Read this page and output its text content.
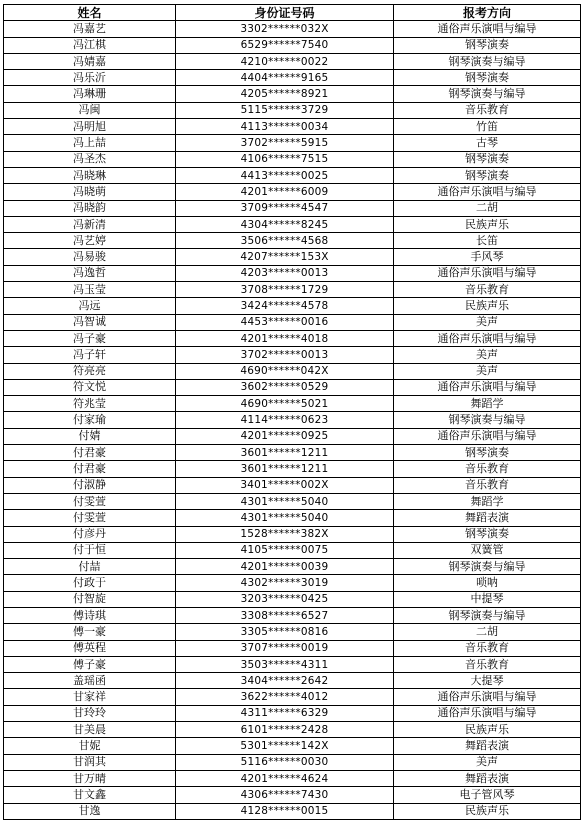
姓名	身份证号码	报考方向
冯嘉艺	3302******032X	通俗声乐演唱与编导
冯江棋	6529******7540	钢琴演奏
冯婧嘉	4210******0022	钢琴演奏与编导
冯乐沂	4404******9165	钢琴演奏
冯琳珊	4205******8921	钢琴演奏与编导
冯闽	5115******3729	音乐教育
冯明旭	4113******0034	竹笛
冯上喆	3702******5915	古琴
冯圣杰	4106******7515	钢琴演奏
冯晓琳	4413******0025	钢琴演奏
冯晓萌	4201******6009	通俗声乐演唱与编导
冯晓韵	3709******4547	二胡
冯新清	4304******8245	民族声乐
冯艺婷	3506******4568	长笛
冯易骏	4207******153X	手风琴
冯逸哲	4203******0013	通俗声乐演唱与编导
冯玉莹	3708******1729	音乐教育
冯远	3424******4578	民族声乐
冯智诚	4453******0016	美声
冯子豪	4201******4018	通俗声乐演唱与编导
冯子轩	3702******0013	美声
符亮亮	4690******042X	美声
符文悦	3602******0529	通俗声乐演唱与编导
符兆莹	4690******5021	舞蹈学
付家瑜	4114******0623	钢琴演奏与编导
付婧	4201******0925	通俗声乐演唱与编导
付君豪	3601******1211	钢琴演奏
付君豪	3601******1211	音乐教育
付淑静	3401******002X	音乐教育
付雯萱	4301******5040	舞蹈学
付雯萱	4301******5040	舞蹈表演
付彦丹	1528******382X	钢琴演奏
付于恒	4105******0075	双簧管
付喆	4201******0039	钢琴演奏与编导
付政于	4302******3019	唢呐
付智旋	3203******0425	中提琴
傅诗琪	3308******6527	钢琴演奏与编导
傅一豪	3305******0816	二胡
傅英程	3707******0019	音乐教育
傅子豪	3503******4311	音乐教育
盖瑶函	3404******2642	大提琴
甘家祥	3622******4012	通俗声乐演唱与编导
甘玲玲	4311******6329	通俗声乐演唱与编导
甘美晨	6101******2428	民族声乐
甘妮	5301******142X	舞蹈表演
甘润其	5116******0030	美声
甘万晴	4201******4624	舞蹈表演
甘文鑫	4306******7430	电子管风琴
甘逸	4128******0015	民族声乐
